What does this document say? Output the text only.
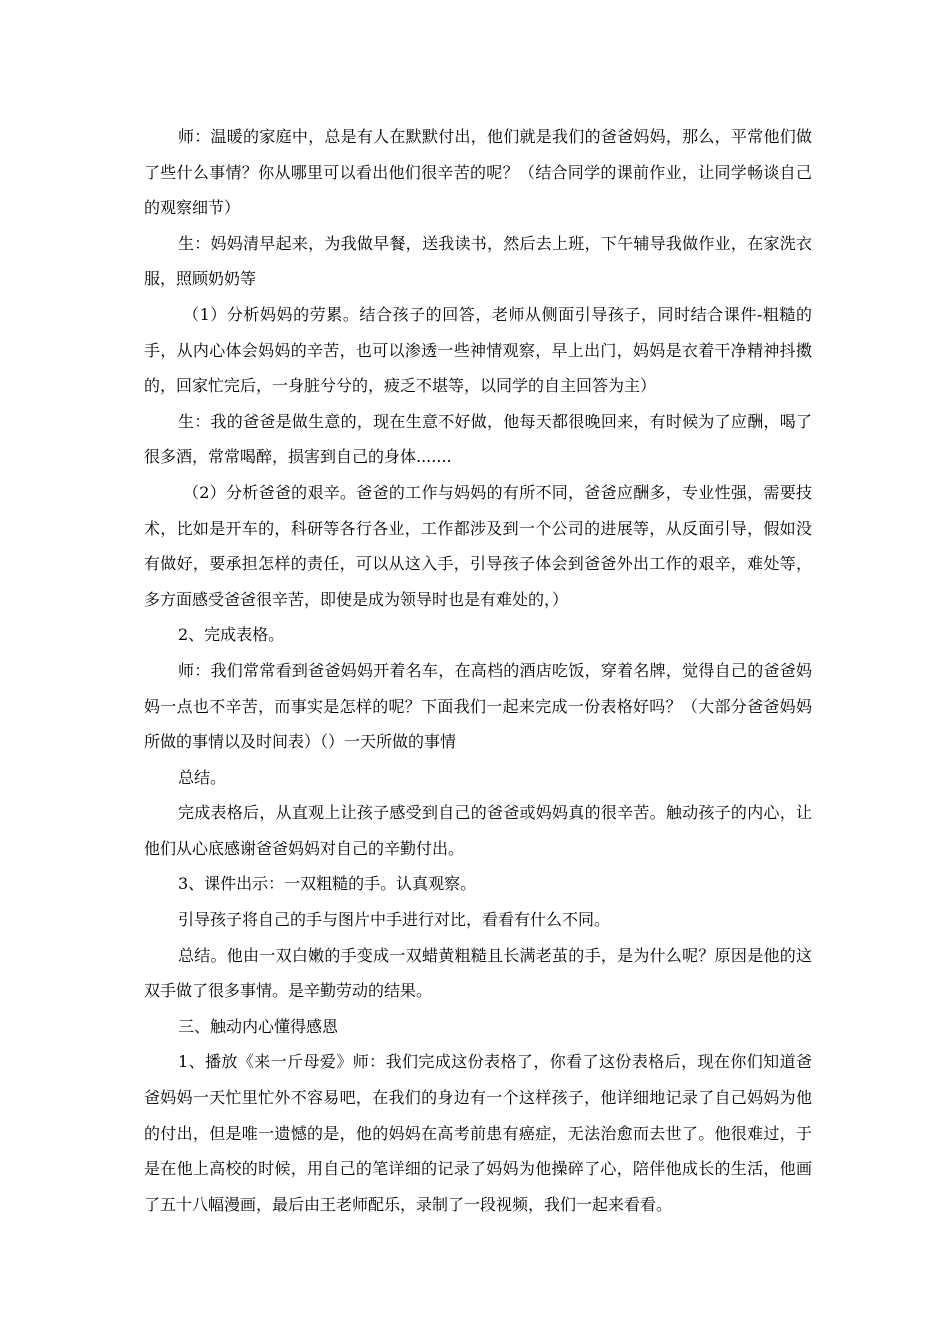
师：温暖的家庭中，总是有人在默默付出，他们就是我们的爸爸妈妈，那么，平常他们做了些什么事情？你从哪里可以看出他们很辛苦的呢？（结合同学的课前作业，让同学畅谈自己的观察细节）

生：妈妈清早起来，为我做早餐，送我读书，然后去上班，下午辅导我做作业，在家洗衣服，照顾奶奶等

（1）分析妈妈的劳累。结合孩子的回答，老师从侧面引导孩子，同时结合课件-粗糙的手，从内心体会妈妈的辛苦，也可以渗透一些神情观察，早上出门，妈妈是衣着干净精神抖擞的，回家忙完后，一身脏兮兮的，疲乏不堪等，以同学的自主回答为主）

生：我的爸爸是做生意的，现在生意不好做，他每天都很晚回来，有时候为了应酬，喝了很多酒，常常喝醉，损害到自己的身体.......

（2）分析爸爸的艰辛。爸爸的工作与妈妈的有所不同，爸爸应酬多，专业性强，需要技术，比如是开车的，科研等各行各业，工作都涉及到一个公司的进展等，从反面引导，假如没有做好，要承担怎样的责任，可以从这入手，引导孩子体会到爸爸外出工作的艰辛，难处等，多方面感受爸爸很辛苦，即使是成为领导时也是有难处的，）

2、完成表格。

师：我们常常看到爸爸妈妈开着名车，在高档的酒店吃饭，穿着名牌，觉得自己的爸爸妈妈一点也不辛苦，而事实是怎样的呢？下面我们一起来完成一份表格好吗？（大部分爸爸妈妈所做的事情以及时间表）（）一天所做的事情

总结。

完成表格后，从直观上让孩子感受到自己的爸爸或妈妈真的很辛苦。触动孩子的内心，让他们从心底感谢爸爸妈妈对自己的辛勤付出。

3、课件出示：一双粗糙的手。认真观察。

引导孩子将自己的手与图片中手进行对比，看看有什么不同。

总结。他由一双白嫩的手变成一双蜡黄粗糙且长满老茧的手，是为什么呢？原因是他的这双手做了很多事情。是辛勤劳动的结果。

三、触动内心懂得感恩

1、播放《来一斤母爱》师：我们完成这份表格了，你看了这份表格后，现在你们知道爸爸妈妈一天忙里忙外不容易吧，在我们的身边有一个这样孩子，他详细地记录了自己妈妈为他的付出，但是唯一遗憾的是，他的妈妈在高考前患有癌症，无法治愈而去世了。他很难过，于是在他上高校的时候，用自己的笔详细的记录了妈妈为他操碎了心，陪伴他成长的生活，他画了五十八幅漫画，最后由王老师配乐，录制了一段视频，我们一起来看看。
